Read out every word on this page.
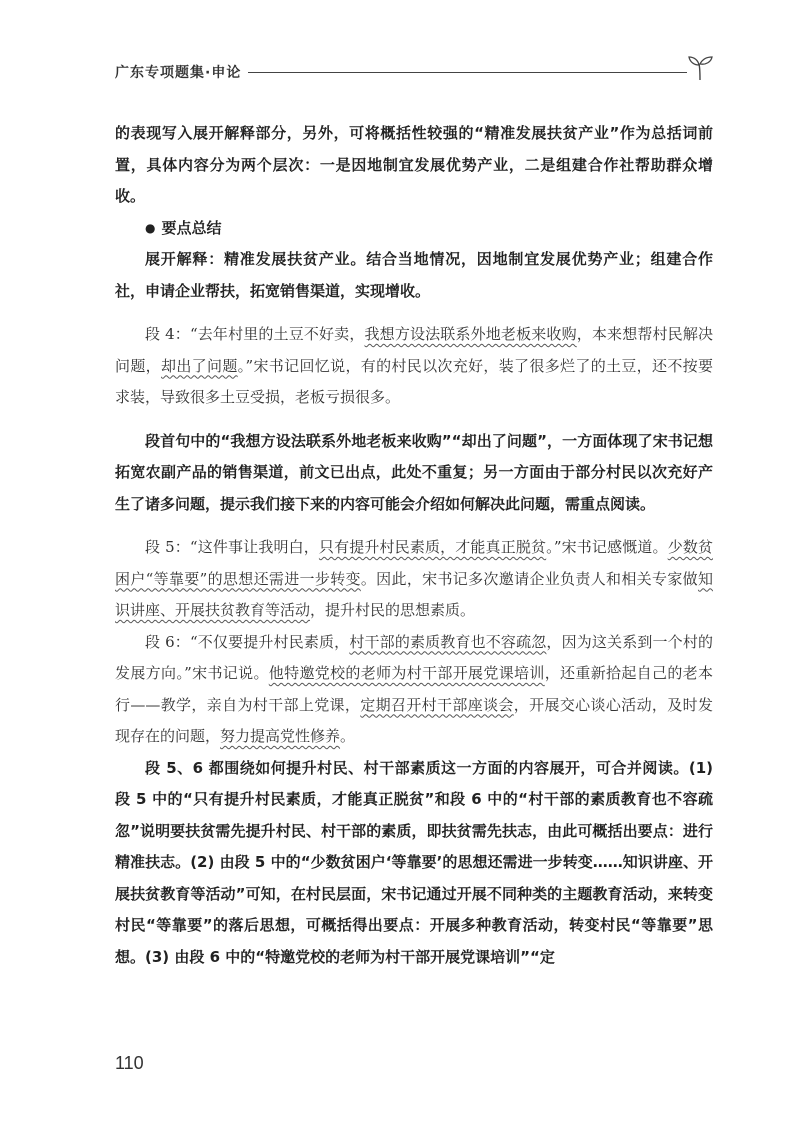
广东专项题集·申论

的表现写入展开解释部分，另外，可将概括性较强的“精准发展扶贫产业”作为总括词前置，具体内容分为两个层次：一是因地制宜发展优势产业，二是组建合作社帮助群众增收。

● 要点总结

展开解释：精准发展扶贫产业。结合当地情况，因地制宜发展优势产业；组建合作社，申请企业帮扶，拓宽销售渠道，实现增收。

段 4：“去年村里的土豆不好卖，我想方设法联系外地老板来收购，本来想帮村民解决问题，却出了问题。”宋书记回忆说，有的村民以次充好，装了很多烂了的土豆，还不按要求装，导致很多土豆受损，老板亏损很多。

段首句中的“我想方设法联系外地老板来收购”“却出了问题”，一方面体现了宋书记想拓宽农副产品的销售渠道，前文已出点，此处不重复；另一方面由于部分村民以次充好产生了诸多问题，提示我们接下来的内容可能会介绍如何解决此问题，需重点阅读。

段 5：“这件事让我明白，只有提升村民素质，才能真正脱贫。”宋书记感慨道。少数贫困户“等靠要”的思想还需进一步转变。因此，宋书记多次邀请企业负责人和相关专家做知识讲座、开展扶贫教育等活动，提升村民的思想素质。

段 6：“不仅要提升村民素质，村干部的素质教育也不容疏忽，因为这关系到一个村的发展方向。”宋书记说。他特邀党校的老师为村干部开展党课培训，还重新拾起自己的老本行——教学，亲自为村干部上党课，定期召开村干部座谈会，开展交心谈心活动，及时发现存在的问题，努力提高党性修养。

段 5、6 都围绕如何提升村民、村干部素质这一方面的内容展开，可合并阅读。(1) 段 5 中的“只有提升村民素质，才能真正脱贫”和段 6 中的“村干部的素质教育也不容疏忽”说明要扶贫需先提升村民、村干部的素质，即扶贫需先扶志，由此可概括出要点：进行精准扶志。(2) 由段 5 中的“少数贫困户‘等靠要’的思想还需进一步转变……知识讲座、开展扶贫教育等活动”可知，在村民层面，宋书记通过开展不同种类的主题教育活动，来转变村民“等靠要”的落后思想，可概括得出要点：开展多种教育活动，转变村民“等靠要”思想。(3) 由段 6 中的“特邀党校的老师为村干部开展党课培训”“定

110
